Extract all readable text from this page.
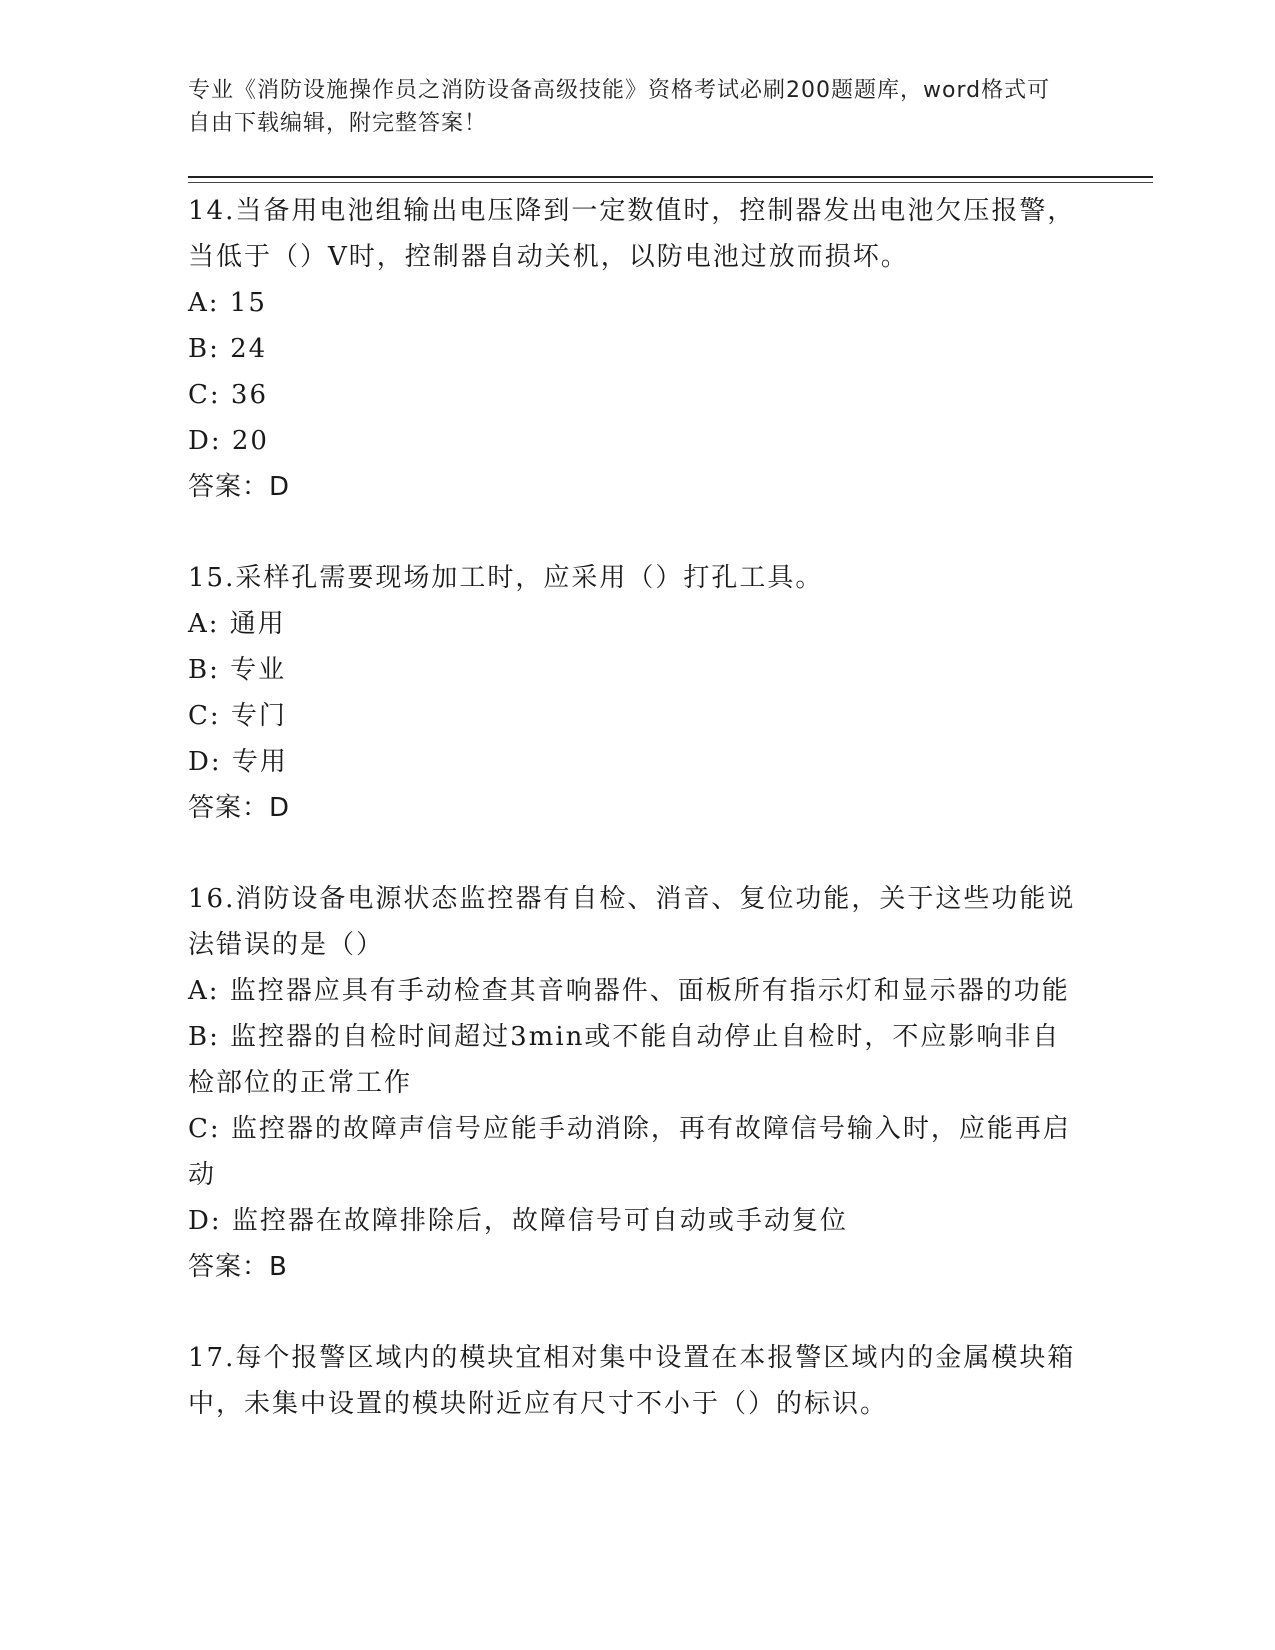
专业《消防设施操作员之消防设备高级技能》资格考试必刷200题题库，word格式可自由下载编辑，附完整答案！

14.当备用电池组输出电压降到一定数值时，控制器发出电池欠压报警，当低于（）V时，控制器自动关机，以防电池过放而损坏。

A: 15

B: 24

C: 36

D: 20

答案：D

15.采样孔需要现场加工时，应采用（）打孔工具。

A: 通用

B: 专业

C: 专门

D: 专用

答案：D

16.消防设备电源状态监控器有自检、消音、复位功能，关于这些功能说法错误的是（）

A: 监控器应具有手动检查其音响器件、面板所有指示灯和显示器的功能

B: 监控器的自检时间超过3min或不能自动停止自检时，不应影响非自检部位的正常工作

C: 监控器的故障声信号应能手动消除，再有故障信号输入时，应能再启动

D: 监控器在故障排除后，故障信号可自动或手动复位

答案：B

17.每个报警区域内的模块宜相对集中设置在本报警区域内的金属模块箱中，未集中设置的模块附近应有尺寸不小于（）的标识。
